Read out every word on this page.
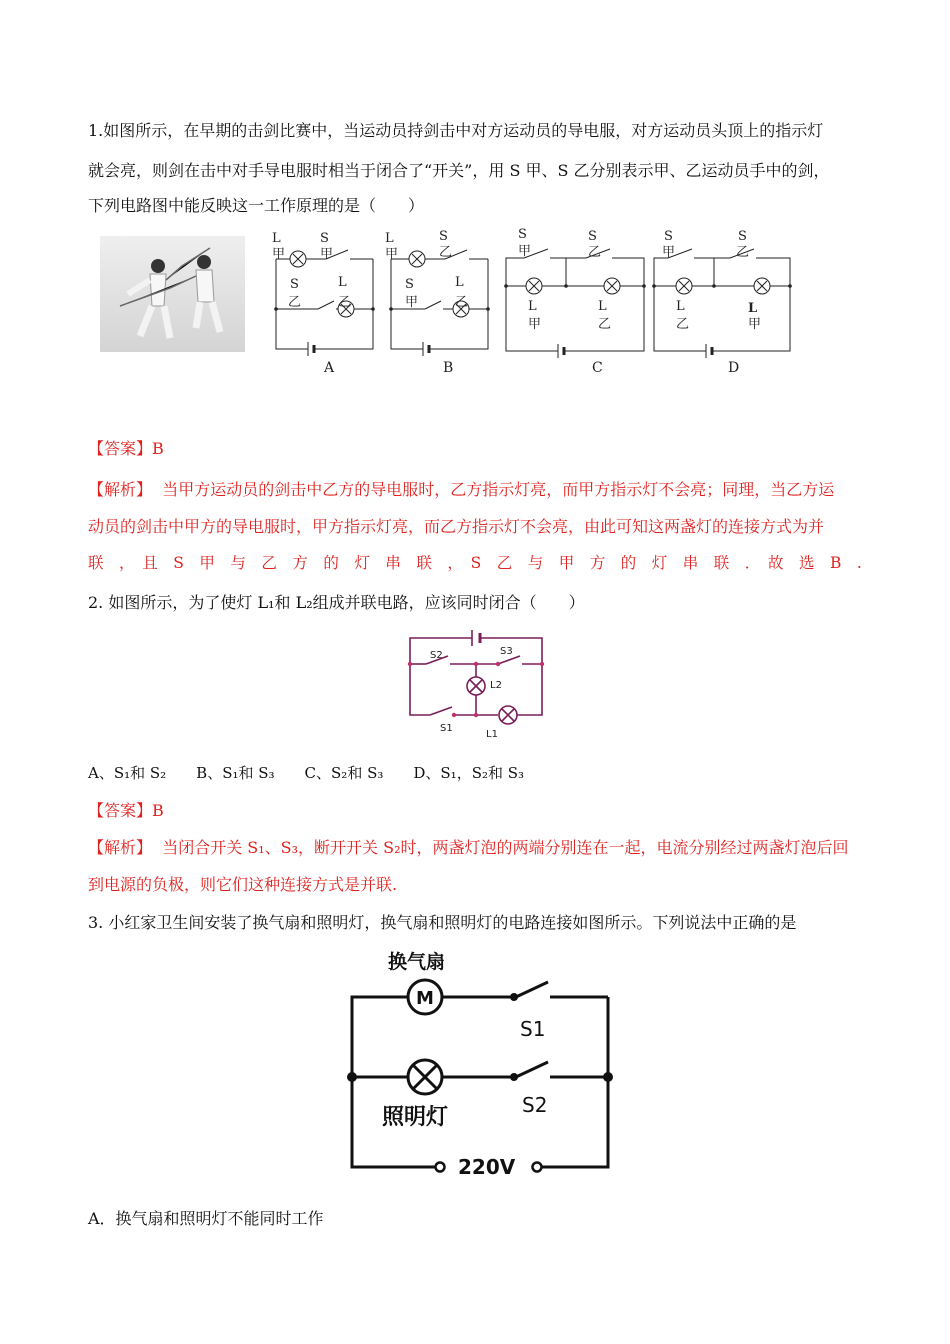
1.如图所示，在早期的击剑比赛中，当运动员持剑击中对方运动员的导电服，对方运动员头顶上的指示灯
就会亮，则剑在击中对手导电服时相当于闭合了“开关”，用 S 甲、S 乙分别表示甲、乙运动员手中的剑，
下列电路图中能反映这一工作原理的是（　　）
L
甲
S
甲
S
乙
L
乙
A
L
甲
S
乙
S
甲
L
乙
B
S
甲
S
乙
L
甲
L
乙
C
S
甲
S
乙
L
乙
L
甲
D
【答案】B
【解析】 当甲方运动员的剑击中乙方的导电服时，乙方指示灯亮，而甲方指示灯不会亮；同理，当乙方运
动员的剑击中甲方的导电服时，甲方指示灯亮，而乙方指示灯不会亮，由此可知这两盏灯的连接方式为并
联　，　且　S　甲　与　乙　方　的　灯　串　联　，　S　乙　与　甲　方　的　灯　串　联　．　故　选　B　.
2. 如图所示，为了使灯 L₁和 L₂组成并联电路，应该同时闭合（　　）
S2	S3
L2
S1
L1
A、S₁和 S₂　　B、S₁和 S₃　　C、S₂和 S₃　　D、S₁，S₂和 S₃
【答案】B
【解析】 当闭合开关 S₁、S₃，断开开关 S₂时，两盏灯泡的两端分别连在一起，电流分别经过两盏灯泡后回
到电源的负极，则它们这种连接方式是并联.
3. 小红家卫生间安装了换气扇和照明灯，换气扇和照明灯的电路连接如图所示。下列说法中正确的是
M
换气扇
照明灯
S1
S2
220V
A．换气扇和照明灯不能同时工作
